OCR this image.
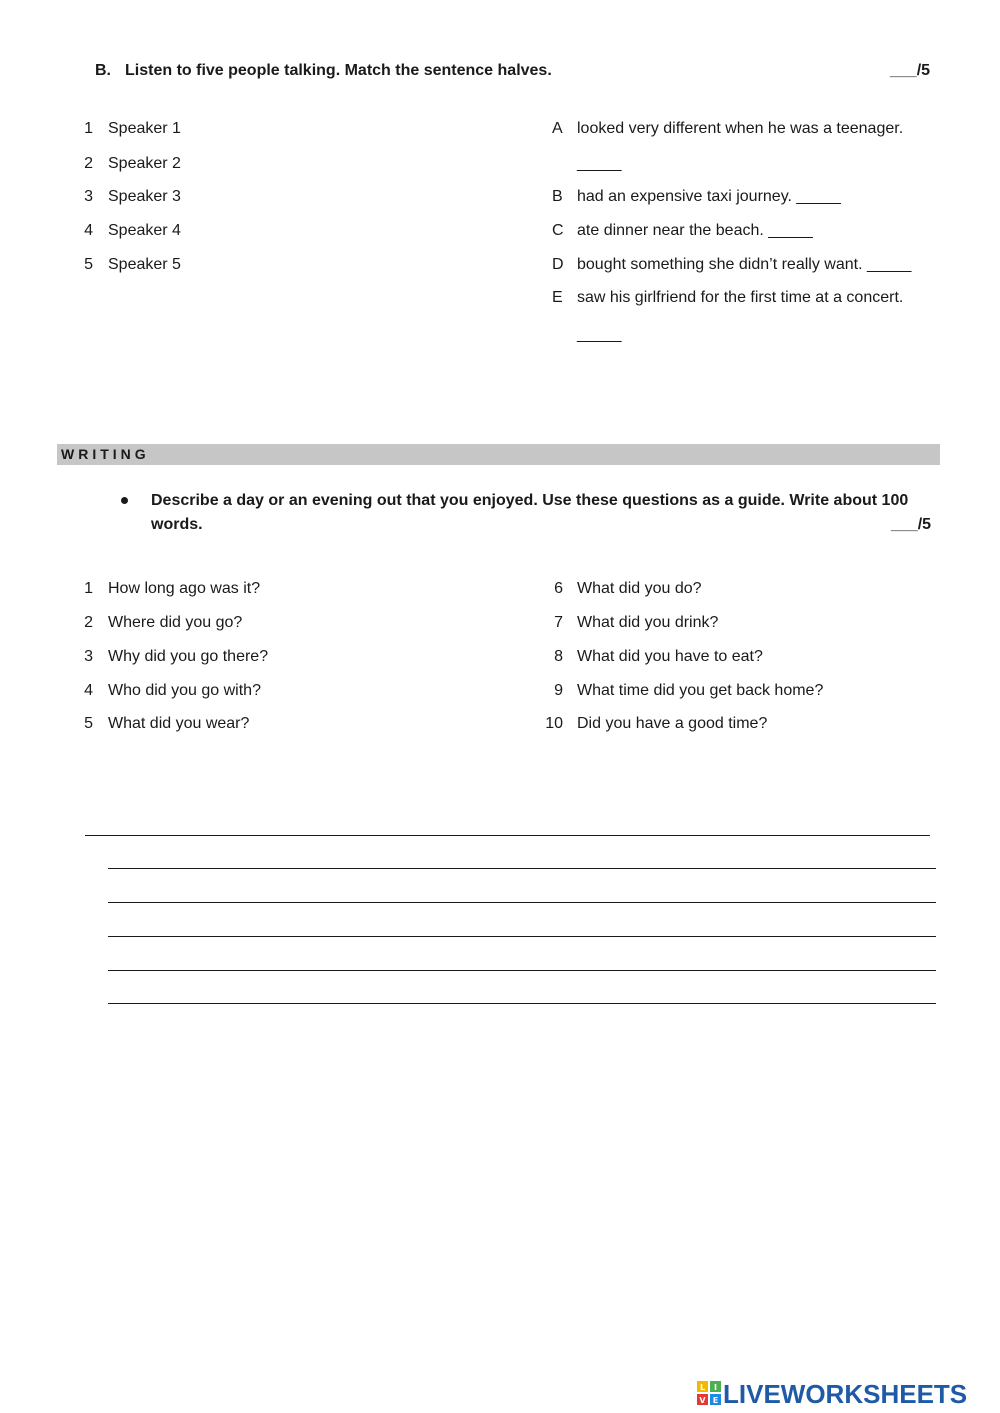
B. Listen to five people talking. Match the sentence halves.	___/5
1 Speaker 1
2 Speaker 2
3 Speaker 3
4 Speaker 4
5 Speaker 5
A looked very different when he was a teenager.
_____
B had an expensive taxi journey. _____
C ate dinner near the beach. _____
D bought something she didn’t really want. _____
E saw his girlfriend for the first time at a concert.
_____
WRITING
Describe a day or an evening out that you enjoyed. Use these questions as a guide. Write about 100
words.	___/5
1 How long ago was it?
2 Where did you go?
3 Why did you go there?
4 Who did you go with?
5 What did you wear?
6 What did you do?
7 What did you drink?
8 What did you have to eat?
9 What time did you get back home?
10 Did you have a good time?
L I
V E LIVEWORKSHEETS
